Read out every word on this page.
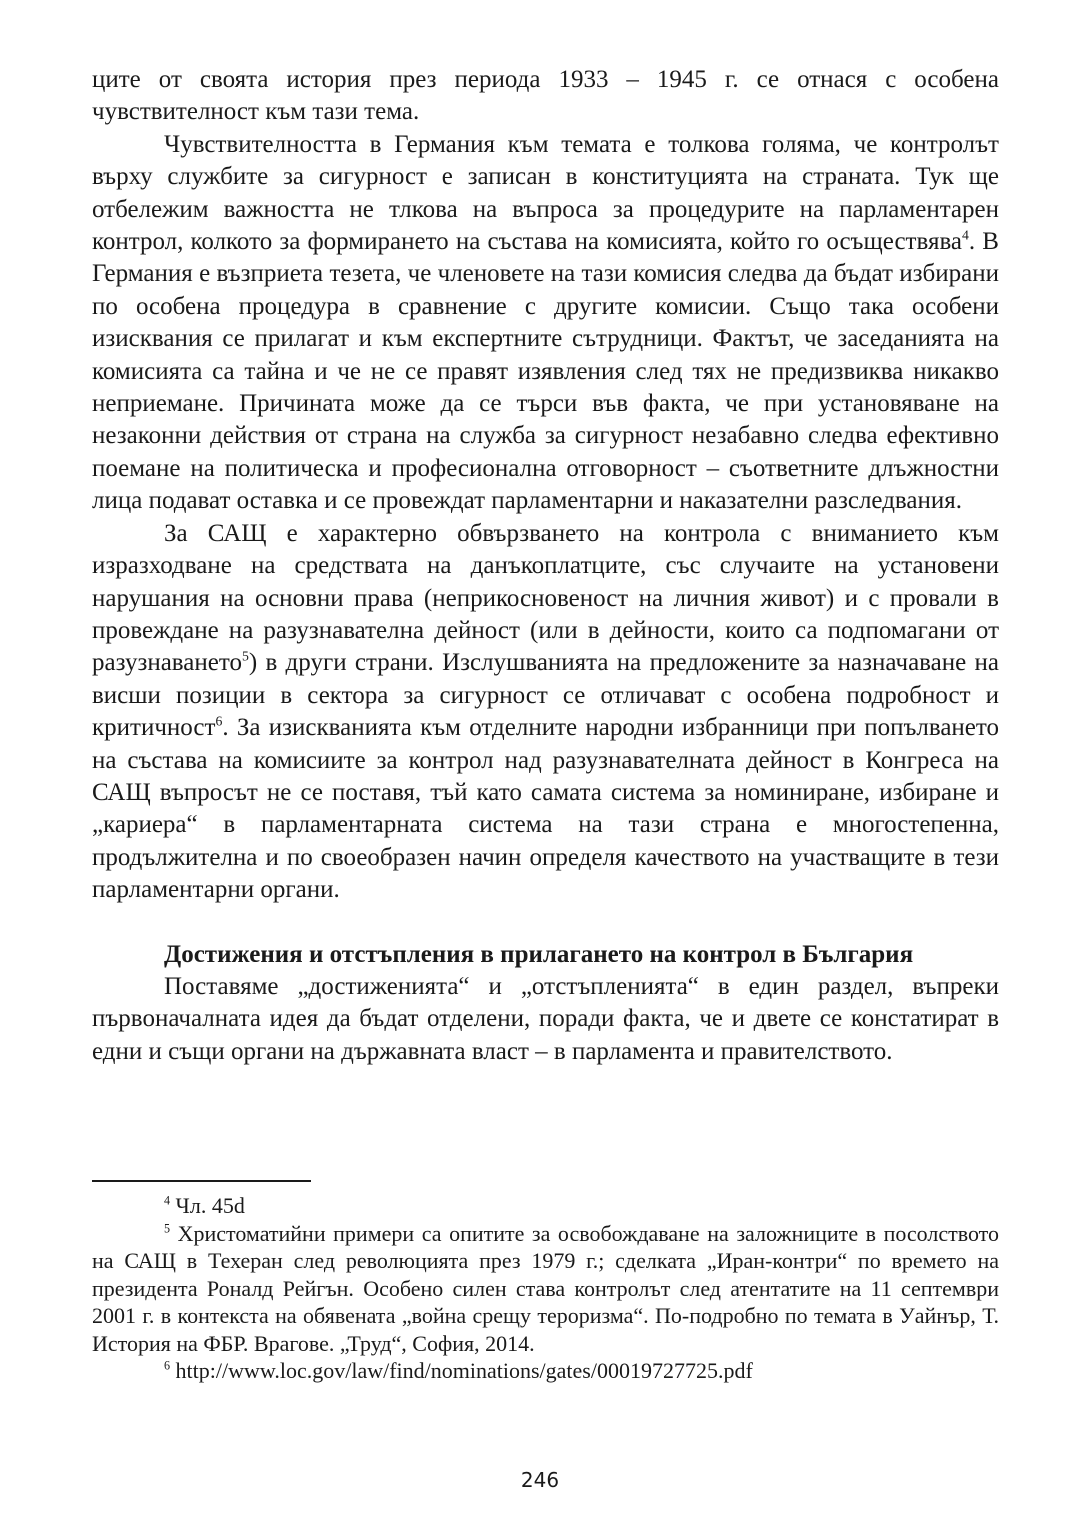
ците от своята история през периода 1933 – 1945 г. се отнася с особена чувствителност към тази тема.

Чувствителността в Германия към темата е толкова голяма, че контролът върху службите за сигурност е записан в конституцията на страната. Тук ще отбележим важността не тлкова на въпроса за процедурите на парламентарен контрол, колкото за формирането на състава на комисията, който го осъществява$^4$. В Германия е възприета тезета, че членовете на тази комисия следва да бъдат избирани по особена процедура в сравнение с другите комисии. Също така особени изисквания се прилагат и към експертните сътрудници. Фактът, че заседанията на комисията са тайна и че не се правят изявления след тях не предизвиква никакво неприемане. Причината може да се търси във факта, че при установяване на незаконни действия от страна на служба за сигурност незабавно следва ефективно поемане на политическа и професионална отговорност – съответните длъжностни лица подават оставка и се провеждат парламентарни и наказателни разследвания.

За САЩ е характерно обвързването на контрола с вниманието към изразходване на средствата на данъкоплатците, със случаите на установени нарушания на основни права (неприкосновеност на личния живот) и с провали в провеждане на разузнавателна дейност (или в дейности, които са подпомагани от разузнаването$^5$) в други страни. Изслушванията на предложените за назначаване на висши позиции в сектора за сигурност се отличават с особена подробност и критичност$^6$. За изискванията към отделните народни избранници при попълването на състава на комисиите за контрол над разузнавателната дейност в Конгреса на САЩ въпросът не се поставя, тъй като самата система за номиниране, избиране и „кариера“ в парламентарната система на тази страна е многостепенна, продължителна и по своеобразен начин определя качеството на участващите в тези парламентарни органи.

Достижения и отстъпления в прилагането на контрол в България

Поставяме „достиженията“ и „отстъпленията“ в един раздел, въпреки първоначалната идея да бъдат отделени, поради факта, че и двете се констатират в едни и същи органи на държавната власт – в парламента и правителството.

$^4$ Чл. 45d

$^5$ Христоматийни примери са опитите за освобождаване на заложниците в посолството на САЩ в Техеран след революцията през 1979 г.; сделката „Иран-контри“ по времето на президента Роналд Рейгън. Особено силен става контролът след атентатите на 11 септември 2001 г. в контекста на обявената „война срещу тероризма“. По-подробно по темата в Уайнър, Т. История на ФБР. Врагове. „Труд“, София, 2014.

$^6$ http://www.loc.gov/law/find/nominations/gates/00019727725.pdf

246
